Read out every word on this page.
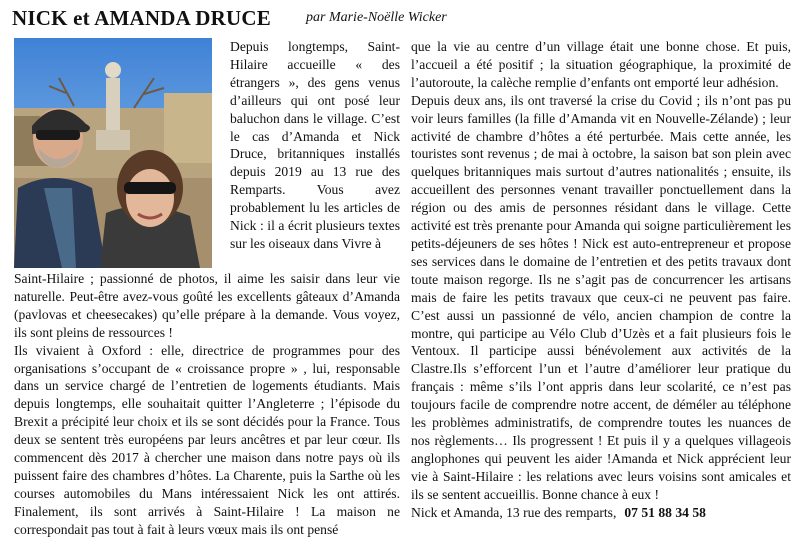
NICK et AMANDA DRUCE	par Marie-Noëlle Wicker

Depuis longtemps, Saint-Hilaire accueille « des étrangers », des gens venus d’ailleurs qui ont posé leur baluchon dans le village. C’est le cas d’Amanda et Nick Druce, britanniques installés depuis 2019 au 13 rue des Remparts. Vous avez probablement lu les articles de Nick : il a écrit plusieurs textes sur les oiseaux dans Vivre à

Saint-Hilaire ; passionné de photos, il aime les saisir dans leur vie naturelle. Peut-être avez-vous goûté les excellents gâteaux d’Amanda (pavlovas et cheesecakes) qu’elle prépare à la demande. Vous voyez, ils sont pleins de ressources !

Ils vivaient à Oxford : elle, directrice de programmes pour des organisations s’occupant de « croissance propre » , lui, responsable dans un service chargé de l’entretien de logements étudiants. Mais depuis longtemps, elle souhaitait quitter l’Angleterre ; l’épisode du Brexit a précipité leur choix et ils se sont décidés pour la France. Tous deux se sentent très européens par leurs ancêtres et par leur cœur. Ils commencent dès 2017 à chercher une maison dans notre pays où ils puissent faire des chambres d’hôtes. La Charente, puis la Sarthe où les courses automobiles du Mans intéressaient Nick les ont attirés. Finalement, ils sont arrivés à Saint-Hilaire ! La maison ne correspondait pas tout à fait à leurs vœux mais ils ont pensé

que la vie au centre d’un village était une bonne chose. Et puis, l’accueil a été positif ; la situation géographique, la proximité de l’autoroute, la calèche remplie d’enfants ont emporté leur adhésion.

Depuis deux ans, ils ont traversé la crise du Covid ; ils n’ont pas pu voir leurs familles (la fille d’Amanda vit en Nouvelle-Zélande) ; leur activité de chambre d’hôtes a été perturbée. Mais cette année, les touristes sont revenus ; de mai à octobre, la saison bat son plein avec quelques britanniques mais surtout d’autres nationalités ; ensuite, ils accueillent des personnes venant travailler ponctuellement dans la région ou des amis de personnes résidant dans le village. Cette activité est très prenante pour Amanda qui soigne particulièrement les petits-déjeuners de ses hôtes ! Nick est auto-entrepreneur et propose ses services dans le domaine de l’entretien et des petits travaux dont toute maison regorge. Ils ne s’agit pas de concurrencer les artisans mais de faire les petits travaux que ceux-ci ne peuvent pas faire. C’est aussi un passionné de vélo, ancien champion de contre la montre, qui participe au Vélo Club d’Uzès et a fait plusieurs fois le Ventoux. Il participe aussi bénévolement aux activités de la Clastre.Ils s’efforcent l’un et l’autre d’améliorer leur pratique du français : même s’ils l’ont appris dans leur scolarité, ce n’est pas toujours facile de comprendre notre accent, de déméler au téléphone les problèmes administratifs, de comprendre toutes les nuances de nos règlements… Ils progressent ! Et puis il y a quelques villageois anglophones qui peuvent les aider !Amanda et Nick apprécient leur vie à Saint-Hilaire : les relations avec leurs voisins sont amicales et ils se sentent accueillis. Bonne chance à eux !

Nick et Amanda, 13 rue des remparts, 07 51 88 34 58
